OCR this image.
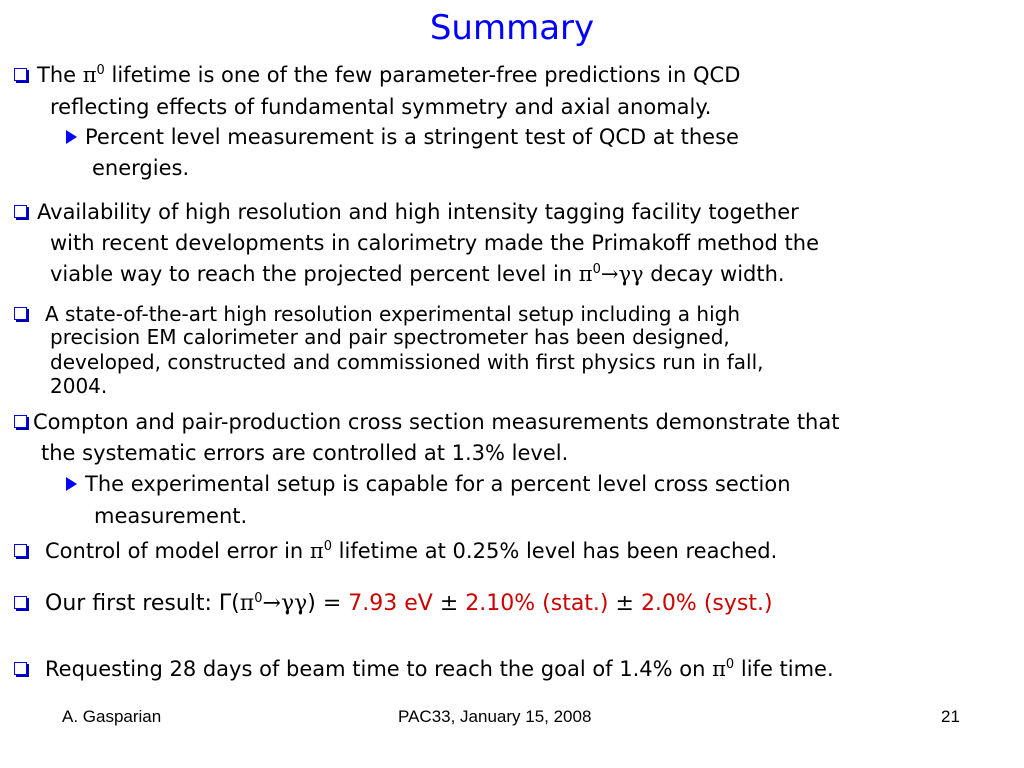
Summary
The $\pi^0$ lifetime is one of the few parameter-free predictions in QCD
reflecting effects of fundamental symmetry and axial anomaly.
Percent level measurement is a stringent test of QCD at these
energies.
Availability of high resolution and high intensity tagging facility together
with recent developments in calorimetry made the Primakoff method the
viable way to reach the projected percent level in $\pi^0\to\gamma\gamma$ decay width.
A state-of-the-art high resolution experimental setup including a high
precision EM calorimeter and pair spectrometer has been designed,
developed, constructed and commissioned with first physics run in fall,
2004.
Compton and pair-production cross section measurements demonstrate that
the systematic errors are controlled at 1.3% level.
The experimental setup is capable for a percent level cross section
measurement.
Control of model error in $\pi^0$ lifetime at 0.25% level has been reached.
Our first result: $\Gamma(\pi^0\to\gamma\gamma) = 7.93$ eV ± 2.10% (stat.) ± 2.0% (syst.)
Requesting 28 days of beam time to reach the goal of 1.4% on $\pi^0$ life time.
A. Gasparian	PAC33, January 15, 2008	21
